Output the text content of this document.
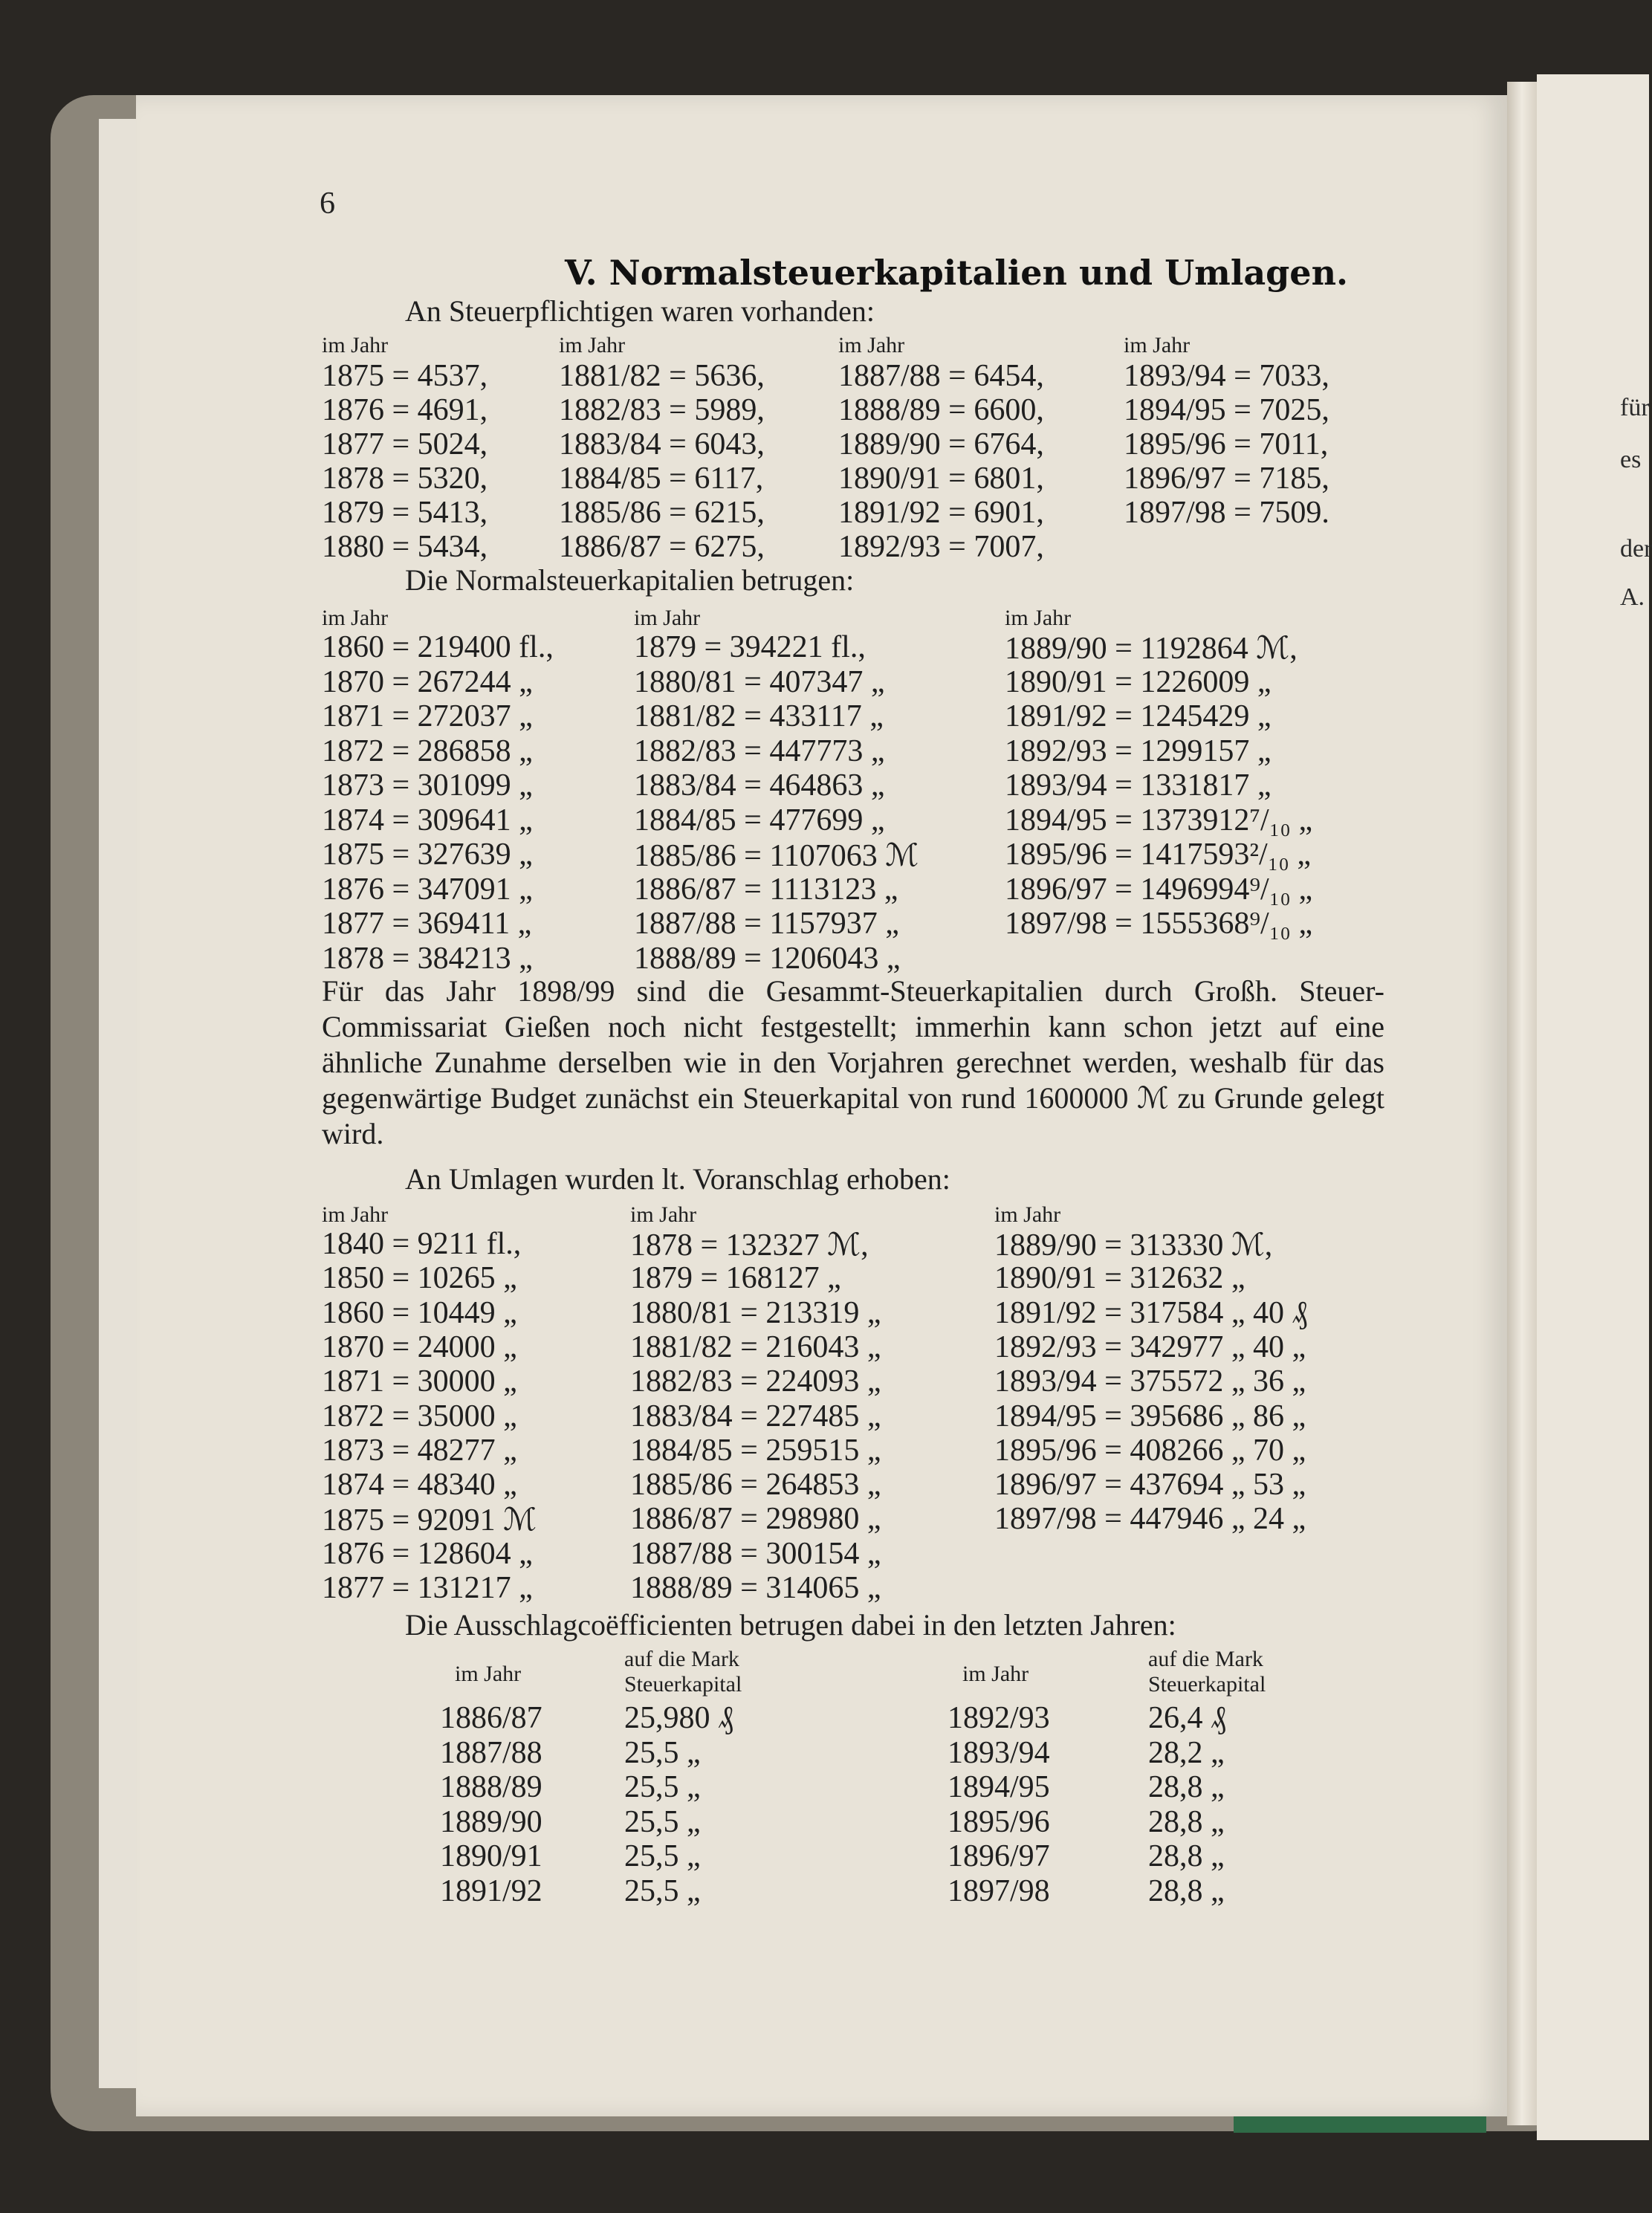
für
es
der
A.
6
V. Normalsteuerkapitalien und Umlagen.
An Steuerpflichtigen waren vorhanden:
im Jahr
1875 = 4537,
1876 = 4691,
1877 = 5024,
1878 = 5320,
1879 = 5413,
1880 = 5434,
im Jahr
1881/82 = 5636,
1882/83 = 5989,
1883/84 = 6043,
1884/85 = 6117,
1885/86 = 6215,
1886/87 = 6275,
im Jahr
1887/88 = 6454,
1888/89 = 6600,
1889/90 = 6764,
1890/91 = 6801,
1891/92 = 6901,
1892/93 = 7007,
im Jahr
1893/94 = 7033,
1894/95 = 7025,
1895/96 = 7011,
1896/97 = 7185,
1897/98 = 7509.
Die Normalsteuerkapitalien betrugen:
im Jahr
1860 = 219400 fl.,
1870 = 267244 „
1871 = 272037 „
1872 = 286858 „
1873 = 301099 „
1874 = 309641 „
1875 = 327639 „
1876 = 347091 „
1877 = 369411 „
1878 = 384213 „
im Jahr
1879 = 394221 fl.,
1880/81 = 407347 „
1881/82 = 433117 „
1882/83 = 447773 „
1883/84 = 464863 „
1884/85 = 477699 „
1885/86 = 1107063 ℳ
1886/87 = 1113123 „
1887/88 = 1157937 „
1888/89 = 1206043 „
im Jahr
1889/90 = 1192864 ℳ,
1890/91 = 1226009 „
1891/92 = 1245429 „
1892/93 = 1299157 „
1893/94 = 1331817 „
1894/95 = 1373912⁷/₁₀ „
1895/96 = 1417593²/₁₀ „
1896/97 = 1496994⁹/₁₀ „
1897/98 = 1555368⁹/₁₀ „
Für das Jahr 1898/99 sind die Gesammt-Steuerkapitalien durch Großh. Steuer-Commissariat Gießen noch nicht festgestellt; immerhin kann schon jetzt auf eine ähnliche Zunahme derselben wie in den Vorjahren gerechnet werden, weshalb für das gegenwärtige Budget zunächst ein Steuerkapital von rund 1600000 ℳ zu Grunde gelegt wird.
An Umlagen wurden lt. Voranschlag erhoben:
im Jahr
1840 = 9211 fl.,
1850 = 10265 „
1860 = 10449 „
1870 = 24000 „
1871 = 30000 „
1872 = 35000 „
1873 = 48277 „
1874 = 48340 „
1875 = 92091 ℳ
1876 = 128604 „
1877 = 131217 „
im Jahr
1878 = 132327 ℳ,
1879 = 168127 „
1880/81 = 213319 „
1881/82 = 216043 „
1882/83 = 224093 „
1883/84 = 227485 „
1884/85 = 259515 „
1885/86 = 264853 „
1886/87 = 298980 „
1887/88 = 300154 „
1888/89 = 314065 „
im Jahr
1889/90 = 313330 ℳ,
1890/91 = 312632 „
1891/92 = 317584 „ 40 ₰
1892/93 = 342977 „ 40 „
1893/94 = 375572 „ 36 „
1894/95 = 395686 „ 86 „
1895/96 = 408266 „ 70 „
1896/97 = 437694 „ 53 „
1897/98 = 447946 „ 24 „
Die Ausschlagcoëfficienten betrugen dabei in den letzten Jahren:
im Jahr
auf die Mark
Steuerkapital
1886/87
1887/88
1888/89
1889/90
1890/91
1891/92
25,980 ₰
25,5 „
25,5 „
25,5 „
25,5 „
25,5 „
im Jahr
auf die Mark
Steuerkapital
1892/93
1893/94
1894/95
1895/96
1896/97
1897/98
26,4 ₰
28,2 „
28,8 „
28,8 „
28,8 „
28,8 „
